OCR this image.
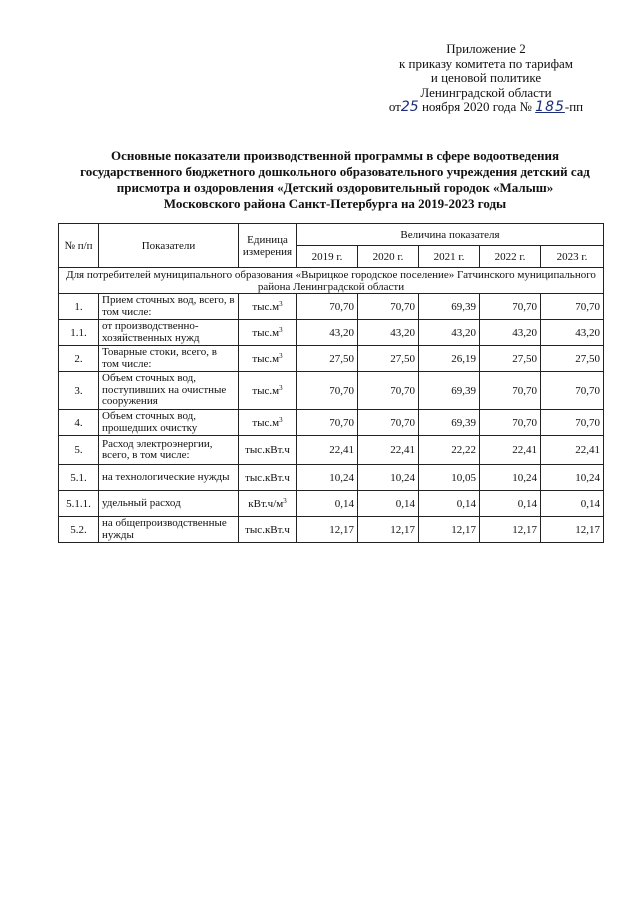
Приложение 2
к приказу комитета по тарифам
и ценовой политике
Ленинградской области
от25 ноября 2020 года № 185-пп
Основные показатели производственной программы в сфере водоотведения
государственного бюджетного дошкольного образовательного учреждения детский сад
присмотра и оздоровления «Детский оздоровительный городок «Малыш»
Московского района Санкт-Петербурга на 2019-2023 годы
№ п/п	Показатели	Единица измерения	Величина показателя				
			2019 г.	2020 г.	2021 г.	2022 г.	2023 г.
Для потребителей муниципального образования «Вырицкое городское поселение» Гатчинского муниципального района Ленинградской области							
1.	Прием сточных вод, всего, в том числе:	$тыс.м^3$	70,70	70,70	69,39	70,70	70,70
1.1.	от производственно-хозяйственных нужд	$тыс.м^3$	43,20	43,20	43,20	43,20	43,20
2.	Товарные стоки, всего, в том числе:	$тыс.м^3$	27,50	27,50	26,19	27,50	27,50
3.	Объем сточных вод, поступивших на очистные сооружения	$тыс.м^3$	70,70	70,70	69,39	70,70	70,70
4.	Объем сточных вод, прошедших очистку	$тыс.м^3$	70,70	70,70	69,39	70,70	70,70
5.	Расход электроэнергии, всего, в том числе:	тыс.кВт.ч	22,41	22,41	22,22	22,41	22,41
5.1.	на технологические нужды	тыс.кВт.ч	10,24	10,24	10,05	10,24	10,24
5.1.1.	удельный расход	$кВт.ч/м^3$	0,14	0,14	0,14	0,14	0,14
5.2.	на общепроизводственные нужды	тыс.кВт.ч	12,17	12,17	12,17	12,17	12,17
